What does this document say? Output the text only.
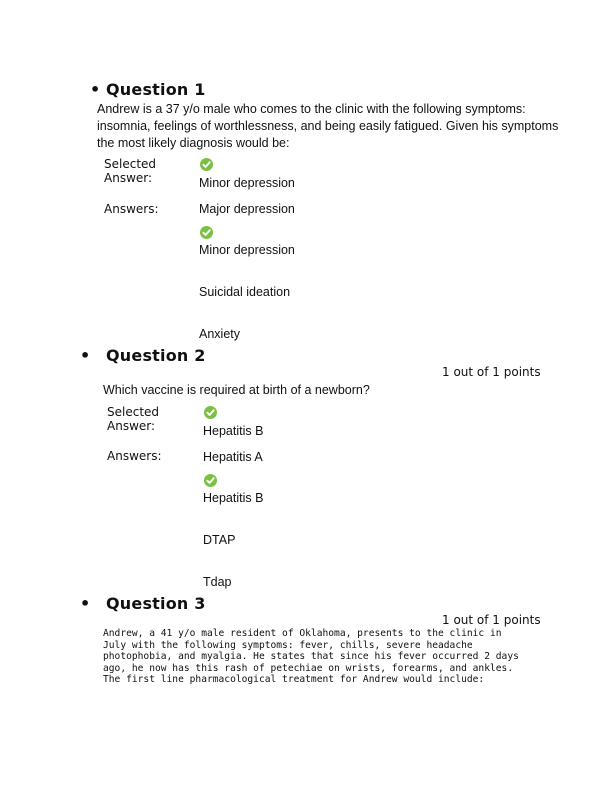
• Question 1
Andrew is a 37 y/o male who comes to the clinic with the following symptoms: insomnia, feelings of worthlessness, and being easily fatigued. Given his symptoms the most likely diagnosis would be:
Selected Answer:	Minor depression
Answers:	Major depression
Minor depression
Suicidal ideation
Anxiety
• Question 2
1 out of 1 points
Which vaccine is required at birth of a newborn?
Selected Answer:	Hepatitis B
Answers:	Hepatitis A
Hepatitis B
DTAP
Tdap
• Question 3
1 out of 1 points
Andrew, a 41 y/o male resident of Oklahoma, presents to the clinic in July with the following symptoms: fever, chills, severe headache photophobia, and myalgia. He states that since his fever occurred 2 days ago, he now has this rash of petechiae on wrists, forearms, and ankles. The first line pharmacological treatment for Andrew would include:
